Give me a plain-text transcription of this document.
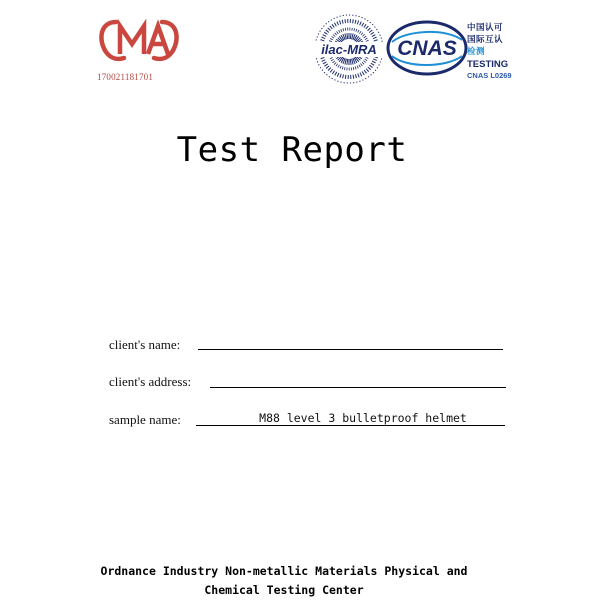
CMA
170021181701
ilac-MRA CNAS
中国认可
国际互认
检测
TESTING
CNAS L0269
Test Report
client's name:
client's address:
sample name:	M88 level 3 bulletproof helmet
Ordnance Industry Non-metallic Materials Physical and
Chemical Testing Center
